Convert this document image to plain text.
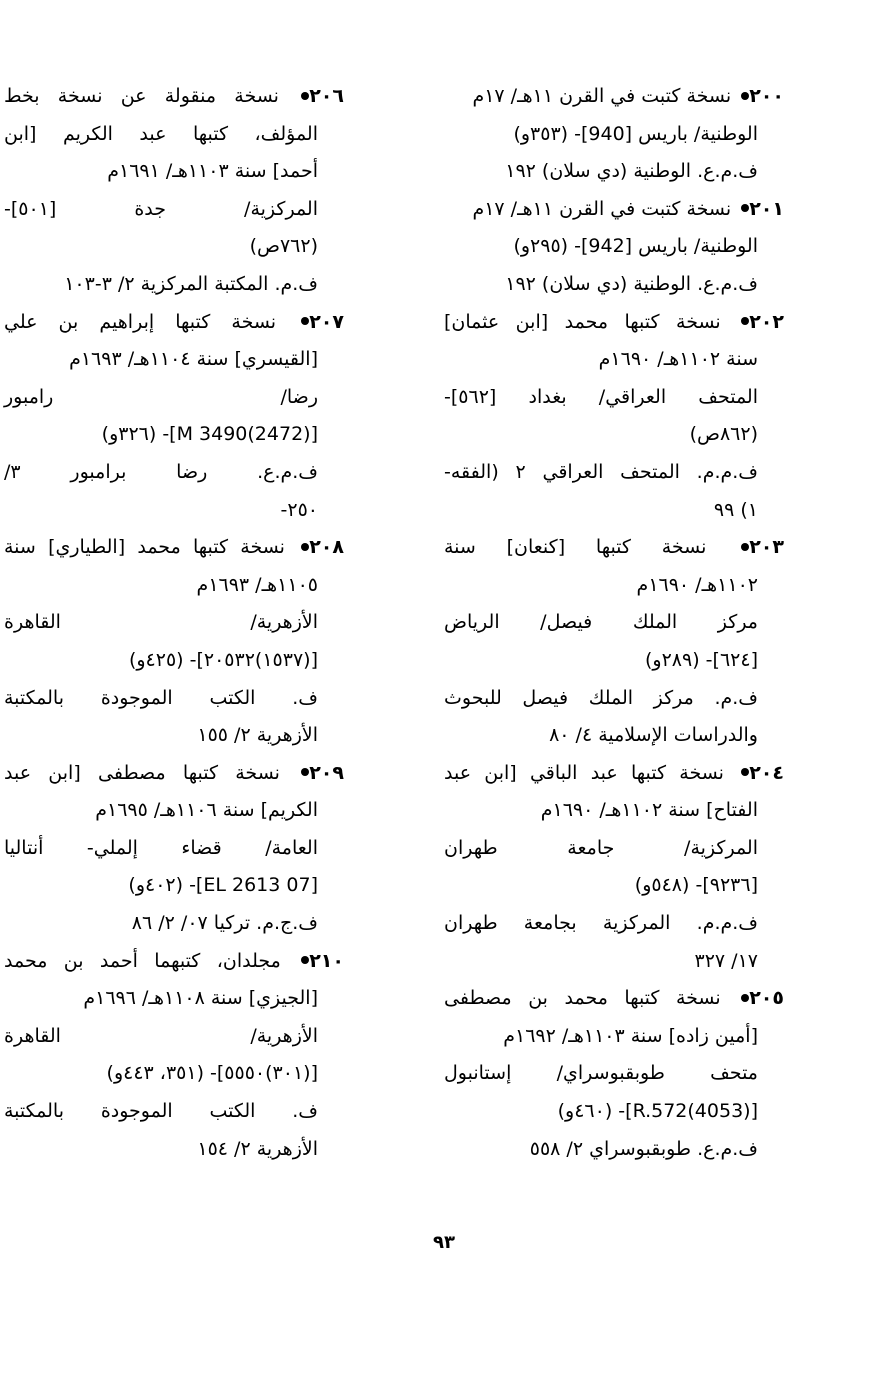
٢٠٠ نسخة كتبت في القرن ١١هـ/ ١٧م
الوطنية/ باريس [940]- (٣٥٣و)
ف.م.ع. الوطنية (دي سلان) ١٩٢
٢٠١ نسخة كتبت في القرن ١١هـ/ ١٧م
الوطنية/ باريس [942]- (٢٩٥و)
ف.م.ع. الوطنية (دي سلان) ١٩٢
٢٠٢ نسخة كتبها محمد [ابن عثمان]
سنة ١١٠٢هـ/ ١٦٩٠م
المتحف العراقي/ بغداد [٥٦٢]-
(٨٦٢ص)
ف.م.م. المتحف العراقي ٢ (الفقه-
١) ٩٩
٢٠٣ نسخة كتبها [كنعان] سنة
١١٠٢هـ/ ١٦٩٠م
مركز الملك فيصل/ الرياض
[٦٢٤]- (٢٨٩و)
ف.م. مركز الملك فيصل للبحوث
والدراسات الإسلامية ٤/ ٨٠
٢٠٤ نسخة كتبها عبد الباقي [ابن عبد
الفتاح] سنة ١١٠٢هـ/ ١٦٩٠م
المركزية/ جامعة طهران
[٩٢٣٦]- (٥٤٨و)
ف.م.م. المركزية بجامعة طهران
١٧/ ٣٢٧
٢٠٥ نسخة كتبها محمد بن مصطفى
[أمين زاده] سنة ١١٠٣هـ/ ١٦٩٢م
متحف طوبقبوسراي/ إستانبول
[R.572(4053)]- (٤٦٠و)
ف.م.ع. طوبقبوسراي ٢/ ٥٥٨
٢٠٦ نسخة منقولة عن نسخة بخط
المؤلف، كتبها عبد الكريم [ابن
أحمد] سنة ١١٠٣هـ/ ١٦٩١م
المركزية/ جدة [٥٠١]-
(٧٦٢ص)
ف.م. المكتبة المركزية ٢/ ٣-١٠٣
٢٠٧ نسخة كتبها إبراهيم بن علي
[القيسري] سنة ١١٠٤هـ/ ١٦٩٣م
رضا/ رامبور
[M 3490(2472)]- (٣٢٦و)
ف.م.ع. رضا برامبور ٣/
٢٥٠-
٢٠٨ نسخة كتبها محمد [الطياري] سنة
١١٠٥هـ/ ١٦٩٣م
الأزهرية/ القاهرة
[(١٥٣٧)٢٠٥٣٢]- (٤٢٥و)
ف. الكتب الموجودة بالمكتبة
الأزهرية ٢/ ١٥٥
٢٠٩ نسخة كتبها مصطفى [ابن عبد
الكريم] سنة ١١٠٦هـ/ ١٦٩٥م
العامة/ قضاء إلملي- أنتاليا
[07 EL 2613]- (٤٠٢و)
ف.ج.م. تركيا ٠٧/ ٢/ ٨٦
٢١٠ مجلدان، كتبهما أحمد بن محمد
[الجيزي] سنة ١١٠٨هـ/ ١٦٩٦م
الأزهرية/ القاهرة
[(٣٠١)٥٥٥٠]- (٣٥١، ٤٤٣و)
ف. الكتب الموجودة بالمكتبة
الأزهرية ٢/ ١٥٤
٩٣
